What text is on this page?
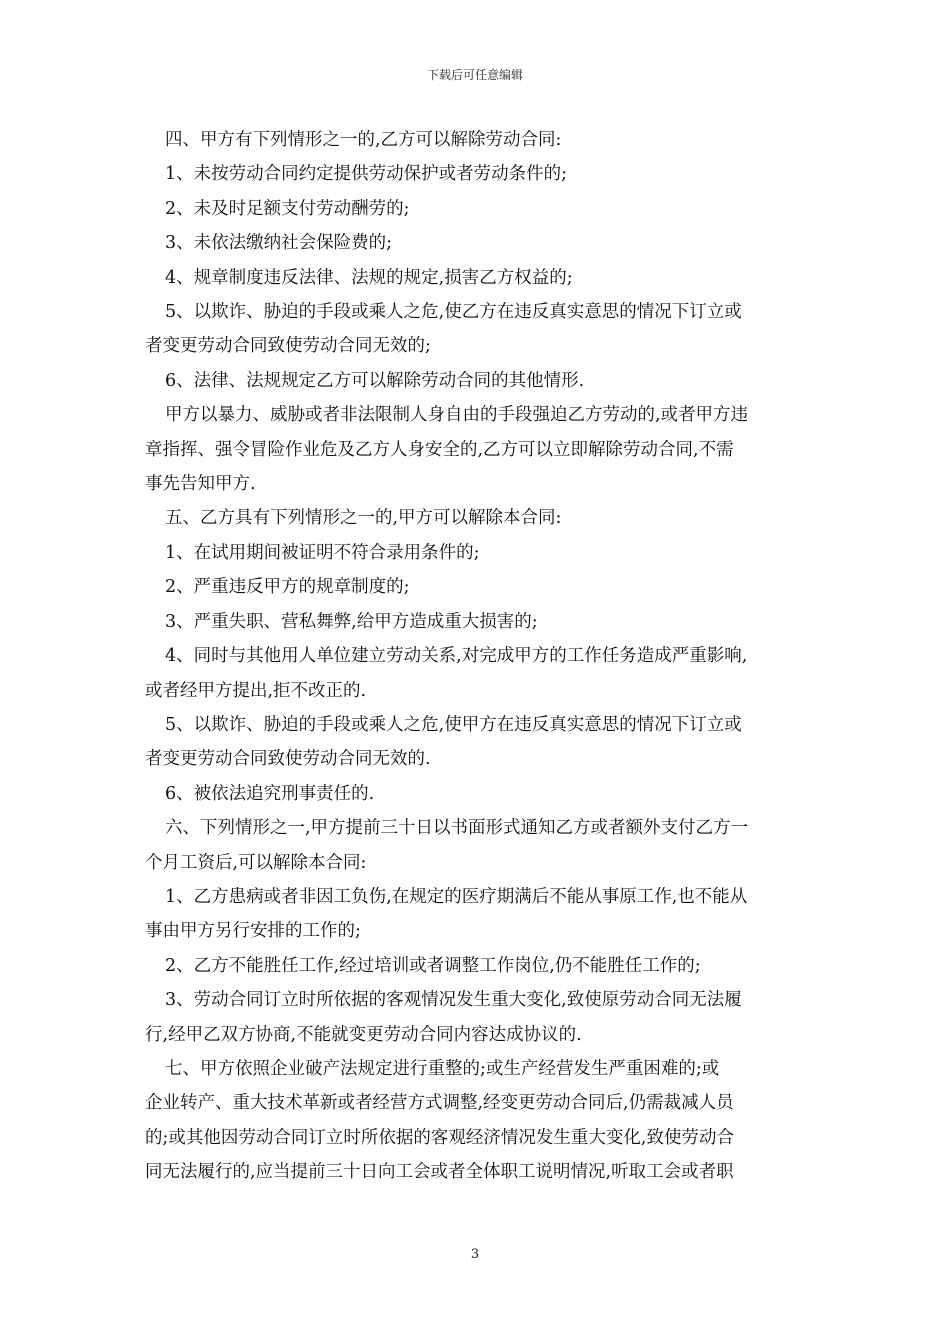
下载后可任意编辑

四、甲方有下列情形之一的,乙方可以解除劳动合同:

1、未按劳动合同约定提供劳动保护或者劳动条件的;

2、未及时足额支付劳动酬劳的;

3、未依法缴纳社会保险费的;

4、规章制度违反法律、法规的规定,损害乙方权益的;

5、以欺诈、胁迫的手段或乘人之危,使乙方在违反真实意思的情况下订立或

者变更劳动合同致使劳动合同无效的;

6、法律、法规规定乙方可以解除劳动合同的其他情形.

甲方以暴力、威胁或者非法限制人身自由的手段强迫乙方劳动的,或者甲方违

章指挥、强令冒险作业危及乙方人身安全的,乙方可以立即解除劳动合同,不需

事先告知甲方.

五、乙方具有下列情形之一的,甲方可以解除本合同:

1、在试用期间被证明不符合录用条件的;

2、严重违反甲方的规章制度的;

3、严重失职、营私舞弊,给甲方造成重大损害的;

4、同时与其他用人单位建立劳动关系,对完成甲方的工作任务造成严重影响,

或者经甲方提出,拒不改正的.

5、以欺诈、胁迫的手段或乘人之危,使甲方在违反真实意思的情况下订立或

者变更劳动合同致使劳动合同无效的.

6、被依法追究刑事责任的.

六、下列情形之一,甲方提前三十日以书面形式通知乙方或者额外支付乙方一

个月工资后,可以解除本合同:

1、乙方患病或者非因工负伤,在规定的医疗期满后不能从事原工作,也不能从

事由甲方另行安排的工作的;

2、乙方不能胜任工作,经过培训或者调整工作岗位,仍不能胜任工作的;

3、劳动合同订立时所依据的客观情况发生重大变化,致使原劳动合同无法履

行,经甲乙双方协商,不能就变更劳动合同内容达成协议的.

七、甲方依照企业破产法规定进行重整的;或生产经营发生严重困难的;或

企业转产、重大技术革新或者经营方式调整,经变更劳动合同后,仍需裁减人员

的;或其他因劳动合同订立时所依据的客观经济情况发生重大变化,致使劳动合

同无法履行的,应当提前三十日向工会或者全体职工说明情况,听取工会或者职

3
